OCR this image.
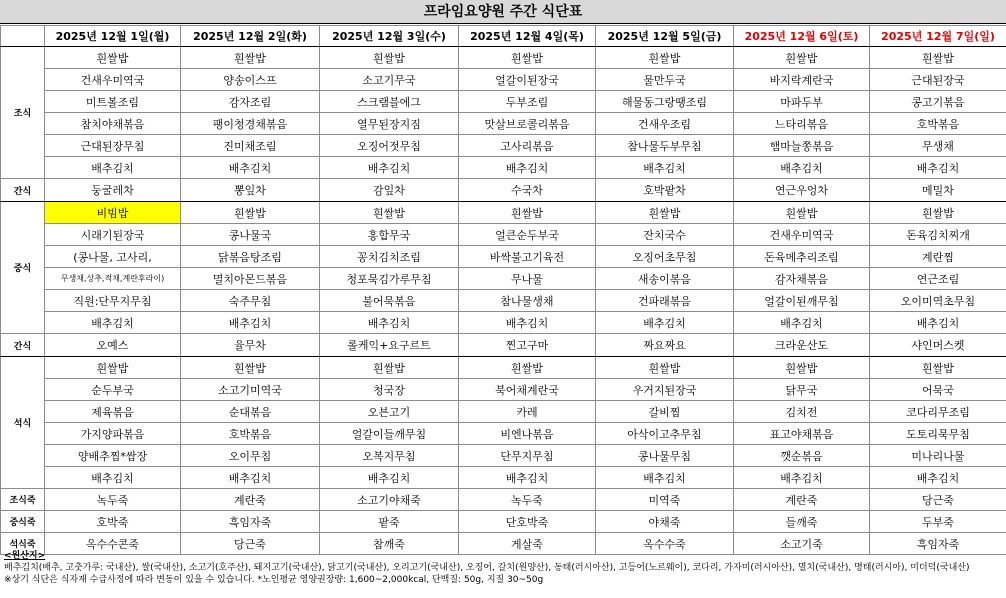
프라임요양원 주간 식단표
	2025년 12월 1일(월)	2025년 12월 2일(화)	2025년 12월 3일(수)	2025년 12월 4일(목)	2025년 12월 5일(금)	2025년 12월 6일(토)	2025년 12월 7일(일)
조식	흰쌀밥	흰쌀밥	흰쌀밥	흰쌀밥	흰쌀밥	흰쌀밥	흰쌀밥
	건새우미역국	양송이스프	소고기무국	얼갈이된장국	물만두국	바지락계란국	근대된장국
	미트볼조림	감자조림	스크램블에그	두부조림	해물동그랑땡조림	마파두부	콩고기볶음
	참치야채볶음	팽이청경채볶음	열무된장지짐	맛살브로콜리볶음	건새우조림	느타리볶음	호박볶음
	근대된장무침	진미채조림	오징어젓무침	고사리볶음	참나물두부무침	햄마늘쫑볶음	무생채
	배추김치	배추김치	배추김치	배추김치	배추김치	배추김치	배추김치
간식	둥굴레차	뽕잎차	감잎차	수국차	호박팥차	연근우엉차	메밀차
중식	비빔밥	흰쌀밥	흰쌀밥	흰쌀밥	흰쌀밥	흰쌀밥	흰쌀밥
	시래기된장국	콩나물국	홍합무국	얼큰순두부국	잔치국수	건새우미역국	돈육김치찌개
	(콩나물, 고사리,	닭볶음탕조림	꽁치김치조림	바싹불고기육전	오징어초무침	돈육메추리조림	계란찜
	무생채,상추,적채,계란후라이)	멸치아몬드볶음	청포묵김가루무침	무나물	새송이볶음	감자채볶음	연근조림
	직원:단무지무침	숙주무침	불어묵볶음	참나물생채	건파래볶음	얼갈이된깨무침	오이미역초무침
	배추김치	배추김치	배추김치	배추김치	배추김치	배추김치	배추김치
간식	오예스	율무차	롤케익+요구르트	찐고구마	짜요짜요	크라운산도	샤인머스켓
석식	흰쌀밥	흰쌀밥	흰쌀밥	흰쌀밥	흰쌀밥	흰쌀밥	흰쌀밥
	순두부국	소고기미역국	청국장	북어채계란국	우거지된장국	닭무국	어묵국
	제육볶음	순대볶음	오븐고기	카레	갈비찜	김치전	코다리무조림
	가지양파볶음	호박볶음	얼갈이들깨무침	비엔나볶음	아삭이고추무침	표고야채볶음	도토리묵무침
	양배추찜*쌈장	오이무침	오복지무침	단무지무침	콩나물무침	깻순볶음	미나리나물
	배추김치	배추김치	배추김치	배추김치	배추김치	배추김치	배추김치
조식죽	녹두죽	계란죽	소고기야채죽	녹두죽	미역죽	계란죽	당근죽
중식죽	호박죽	흑임자죽	팥죽	단호박죽	야채죽	들깨죽	두부죽
석식죽	옥수수콘죽	당근죽	참깨죽	게살죽	옥수수죽	소고기죽	흑임자죽
<원산지>
배추김치(배추, 고춧가루: 국내산), 쌀(국내산), 소고기(호주산), 돼지고기(국내산), 닭고기(국내산), 오리고기(국내산), 오징어, 갈치(원양산), 동태(러시아산), 고등어(노르웨이), 코다리, 가자미(러시아산), 멸치(국내산), 명태(러시아), 미더덕(국내산)
※상기 식단은 식자재 수급사정에 따라 변동이 있을 수 있습니다. *노인평균 영양권장량: 1,600~2,000kcal, 단백질: 50g, 지질 30~50g
